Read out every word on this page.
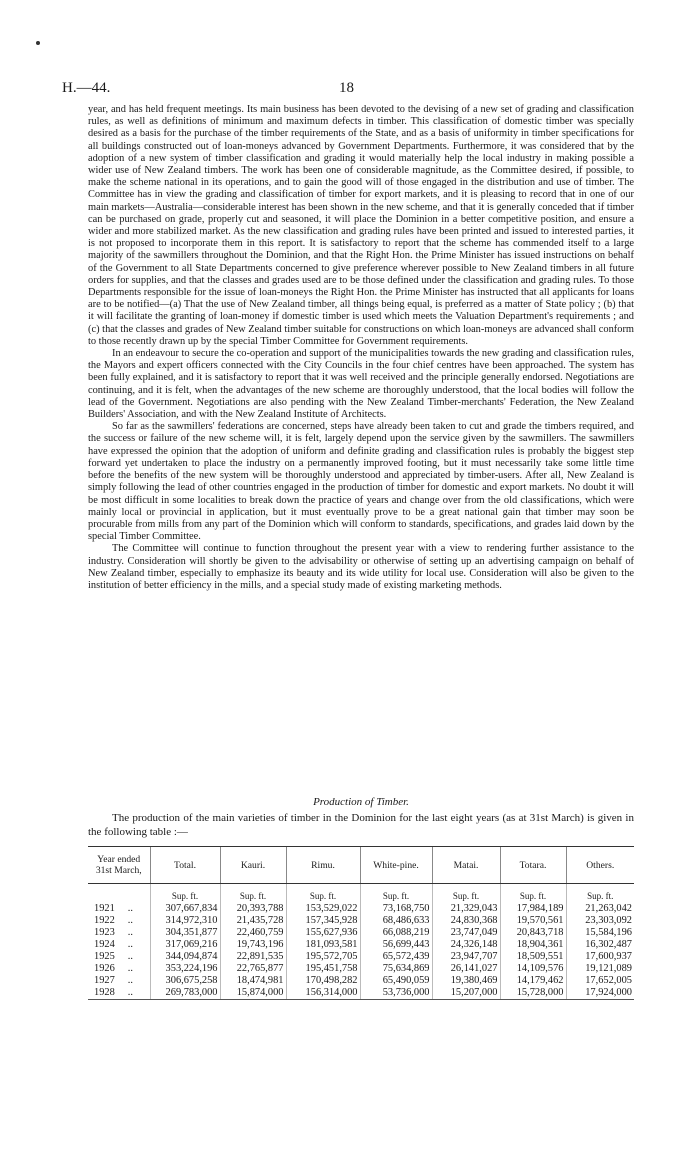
H.—44.	18

year, and has held frequent meetings. Its main business has been devoted to the devising of a new set of grading and classification rules, as well as definitions of minimum and maximum defects in timber. This classification of domestic timber was specially desired as a basis for the purchase of the timber requirements of the State, and as a basis of uniformity in timber specifications for all buildings constructed out of loan-moneys advanced by Government Departments. Furthermore, it was considered that by the adoption of a new system of timber classification and grading it would materially help the local industry in making possible a wider use of New Zealand timbers. The work has been one of considerable magnitude, as the Committee desired, if possible, to make the scheme national in its operations, and to gain the good will of those engaged in the distribution and use of timber. The Committee has in view the grading and classification of timber for export markets, and it is pleasing to record that in one of our main markets—Australia—considerable interest has been shown in the new scheme, and that it is generally conceded that if timber can be purchased on grade, properly cut and seasoned, it will place the Dominion in a better competitive position, and ensure a wider and more stabilized market. As the new classification and grading rules have been printed and issued to interested parties, it is not proposed to incorporate them in this report. It is satisfactory to report that the scheme has commended itself to a large majority of the sawmillers throughout the Dominion, and that the Right Hon. the Prime Minister has issued instructions on behalf of the Government to all State Departments concerned to give preference wherever possible to New Zealand timbers in all future orders for supplies, and that the classes and grades used are to be those defined under the classification and grading rules. To those Departments responsible for the issue of loan-moneys the Right Hon. the Prime Minister has instructed that all applicants for loans are to be notified—(a) That the use of New Zealand timber, all things being equal, is preferred as a matter of State policy ; (b) that it will facilitate the granting of loan-money if domestic timber is used which meets the Valuation Department's requirements ; and (c) that the classes and grades of New Zealand timber suitable for constructions on which loan-moneys are advanced shall conform to those recently drawn up by the special Timber Committee for Government requirements.

In an endeavour to secure the co-operation and support of the municipalities towards the new grading and classification rules, the Mayors and expert officers connected with the City Councils in the four chief centres have been approached. The system has been fully explained, and it is satisfactory to report that it was well received and the principle generally endorsed. Negotiations are continuing, and it is felt, when the advantages of the new scheme are thoroughly understood, that the local bodies will follow the lead of the Government. Negotiations are also pending with the New Zealand Timber-merchants' Federation, the New Zealand Builders' Association, and with the New Zealand Institute of Architects.

So far as the sawmillers' federations are concerned, steps have already been taken to cut and grade the timbers required, and the success or failure of the new scheme will, it is felt, largely depend upon the service given by the sawmillers. The sawmillers have expressed the opinion that the adoption of uniform and definite grading and classification rules is probably the biggest step forward yet undertaken to place the industry on a permanently improved footing, but it must necessarily take some little time before the benefits of the new system will be thoroughly understood and appreciated by timber-users. After all, New Zealand is simply following the lead of other countries engaged in the production of timber for domestic and export markets. No doubt it will be most difficult in some localities to break down the practice of years and change over from the old classifications, which were mainly local or provincial in application, but it must eventually prove to be a great national gain that timber may soon be procurable from mills from any part of the Dominion which will conform to standards, specifications, and grades laid down by the special Timber Committee.

The Committee will continue to function throughout the present year with a view to rendering further assistance to the industry. Consideration will shortly be given to the advisability or otherwise of setting up an advertising campaign on behalf of New Zealand timber, especially to emphasize its beauty and its wide utility for local use. Consideration will also be given to the institution of better efficiency in the mills, and a special study made of existing marketing methods.

Production of Timber.
The production of the main varieties of timber in the Dominion for the last eight years (as at 31st March) is given in the following table :—
Year ended 31st March,	Total.	Kauri.	Rimu.	White-pine.	Matai.	Totara.	Others.
	Sup. ft.	Sup. ft.	Sup. ft.	Sup. ft.	Sup. ft.	Sup. ft.	Sup. ft.
1921     ..	307,667,834	20,393,788	153,529,022	73,168,750	21,329,043	17,984,189	21,263,042
1922     ..	314,972,310	21,435,728	157,345,928	68,486,633	24,830,368	19,570,561	23,303,092
1923     ..	304,351,877	22,460,759	155,627,936	66,088,219	23,747,049	20,843,718	15,584,196
1924     ..	317,069,216	19,743,196	181,093,581	56,699,443	24,326,148	18,904,361	16,302,487
1925     ..	344,094,874	22,891,535	195,572,705	65,572,439	23,947,707	18,509,551	17,600,937
1926     ..	353,224,196	22,765,877	195,451,758	75,634,869	26,141,027	14,109,576	19,121,089
1927     ..	306,675,258	18,474,981	170,498,282	65,490,059	19,380,469	14,179,462	17,652,005
1928     ..	269,783,000	15,874,000	156,314,000	53,736,000	15,207,000	15,728,000	17,924,000
